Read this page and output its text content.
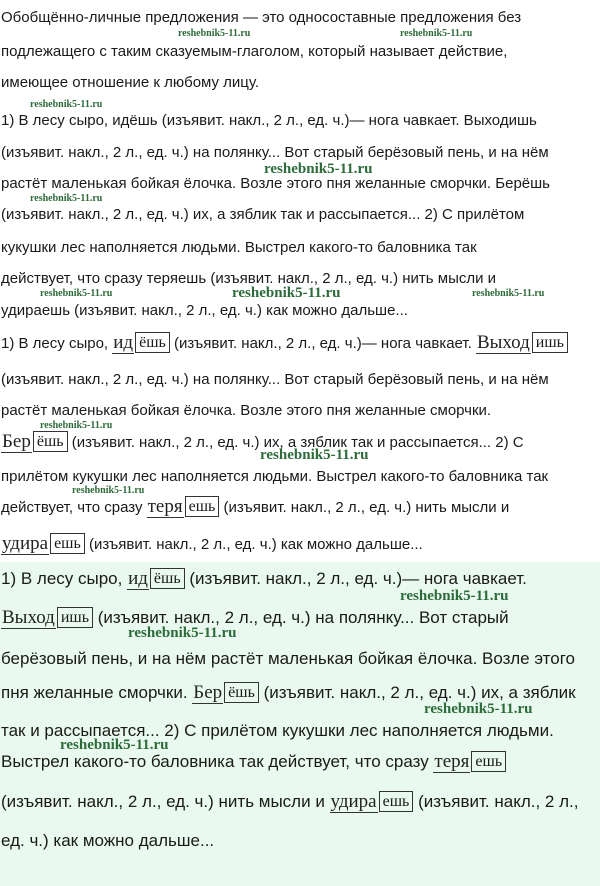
Обобщённо-личные предложения — это односоставные предложения без
подлежащего с таким сказуемым-глаголом, который называет действие,
имеющее отношение к любому лицу.
1) В лесу сыро, идёшь (изъявит. накл., 2 л., ед. ч.)— нога чавкает. Выходишь
(изъявит. накл., 2 л., ед. ч.) на полянку... Вот старый берёзовый пень, и на нём
растёт маленькая бойкая ёлочка. Возле этого пня желанные сморчки. Берёшь
(изъявит. накл., 2 л., ед. ч.) их, а зяблик так и рассыпается... 2) С прилётом
кукушки лес наполняется людьми. Выстрел какого-то баловника так
действует, что сразу теряешь (изъявит. накл., 2 л., ед. ч.) нить мысли и
удираешь (изъявит. накл., 2 л., ед. ч.) как можно дальше...
1) В лесу сыро, ид ёшь (изъявит. накл., 2 л., ед. ч.)— нога чавкает. Выход ишь
(изъявит. накл., 2 л., ед. ч.) на полянку... Вот старый берёзовый пень, и на нём
растёт маленькая бойкая ёлочка. Возле этого пня желанные сморчки.
Бер ёшь (изъявит. накл., 2 л., ед. ч.) их, а зяблик так и рассыпается... 2) С
прилётом кукушки лес наполняется людьми. Выстрел какого-то баловника так
действует, что сразу теря ешь (изъявит. накл., 2 л., ед. ч.) нить мысли и
удира ешь (изъявит. накл., 2 л., ед. ч.) как можно дальше...
1) В лесу сыро, ид ёшь (изъявит. накл., 2 л., ед. ч.)— нога чавкает.
Выход ишь (изъявит. накл., 2 л., ед. ч.) на полянку... Вот старый
берёзовый пень, и на нём растёт маленькая бойкая ёлочка. Возле этого
пня желанные сморчки. Бер ёшь (изъявит. накл., 2 л., ед. ч.) их, а зяблик
так и рассыпается... 2) С прилётом кукушки лес наполняется людьми.
Выстрел какого-то баловника так действует, что сразу теря ешь
(изъявит. накл., 2 л., ед. ч.) нить мысли и удира ешь (изъявит. накл., 2 л.,
ед. ч.) как можно дальше...
reshebnik5-11.ru	reshebnik5-11.ru
reshebnik5-11.ru
reshebnik5-11.ru
reshebnik5-11.ru
reshebnik5-11.ru	reshebnik5-11.ru	reshebnik5-11.ru
reshebnik5-11.ru
reshebnik5-11.ru
reshebnik5-11.ru
reshebnik5-11.ru
reshebnik5-11.ru
reshebnik5-11.ru
reshebnik5-11.ru
